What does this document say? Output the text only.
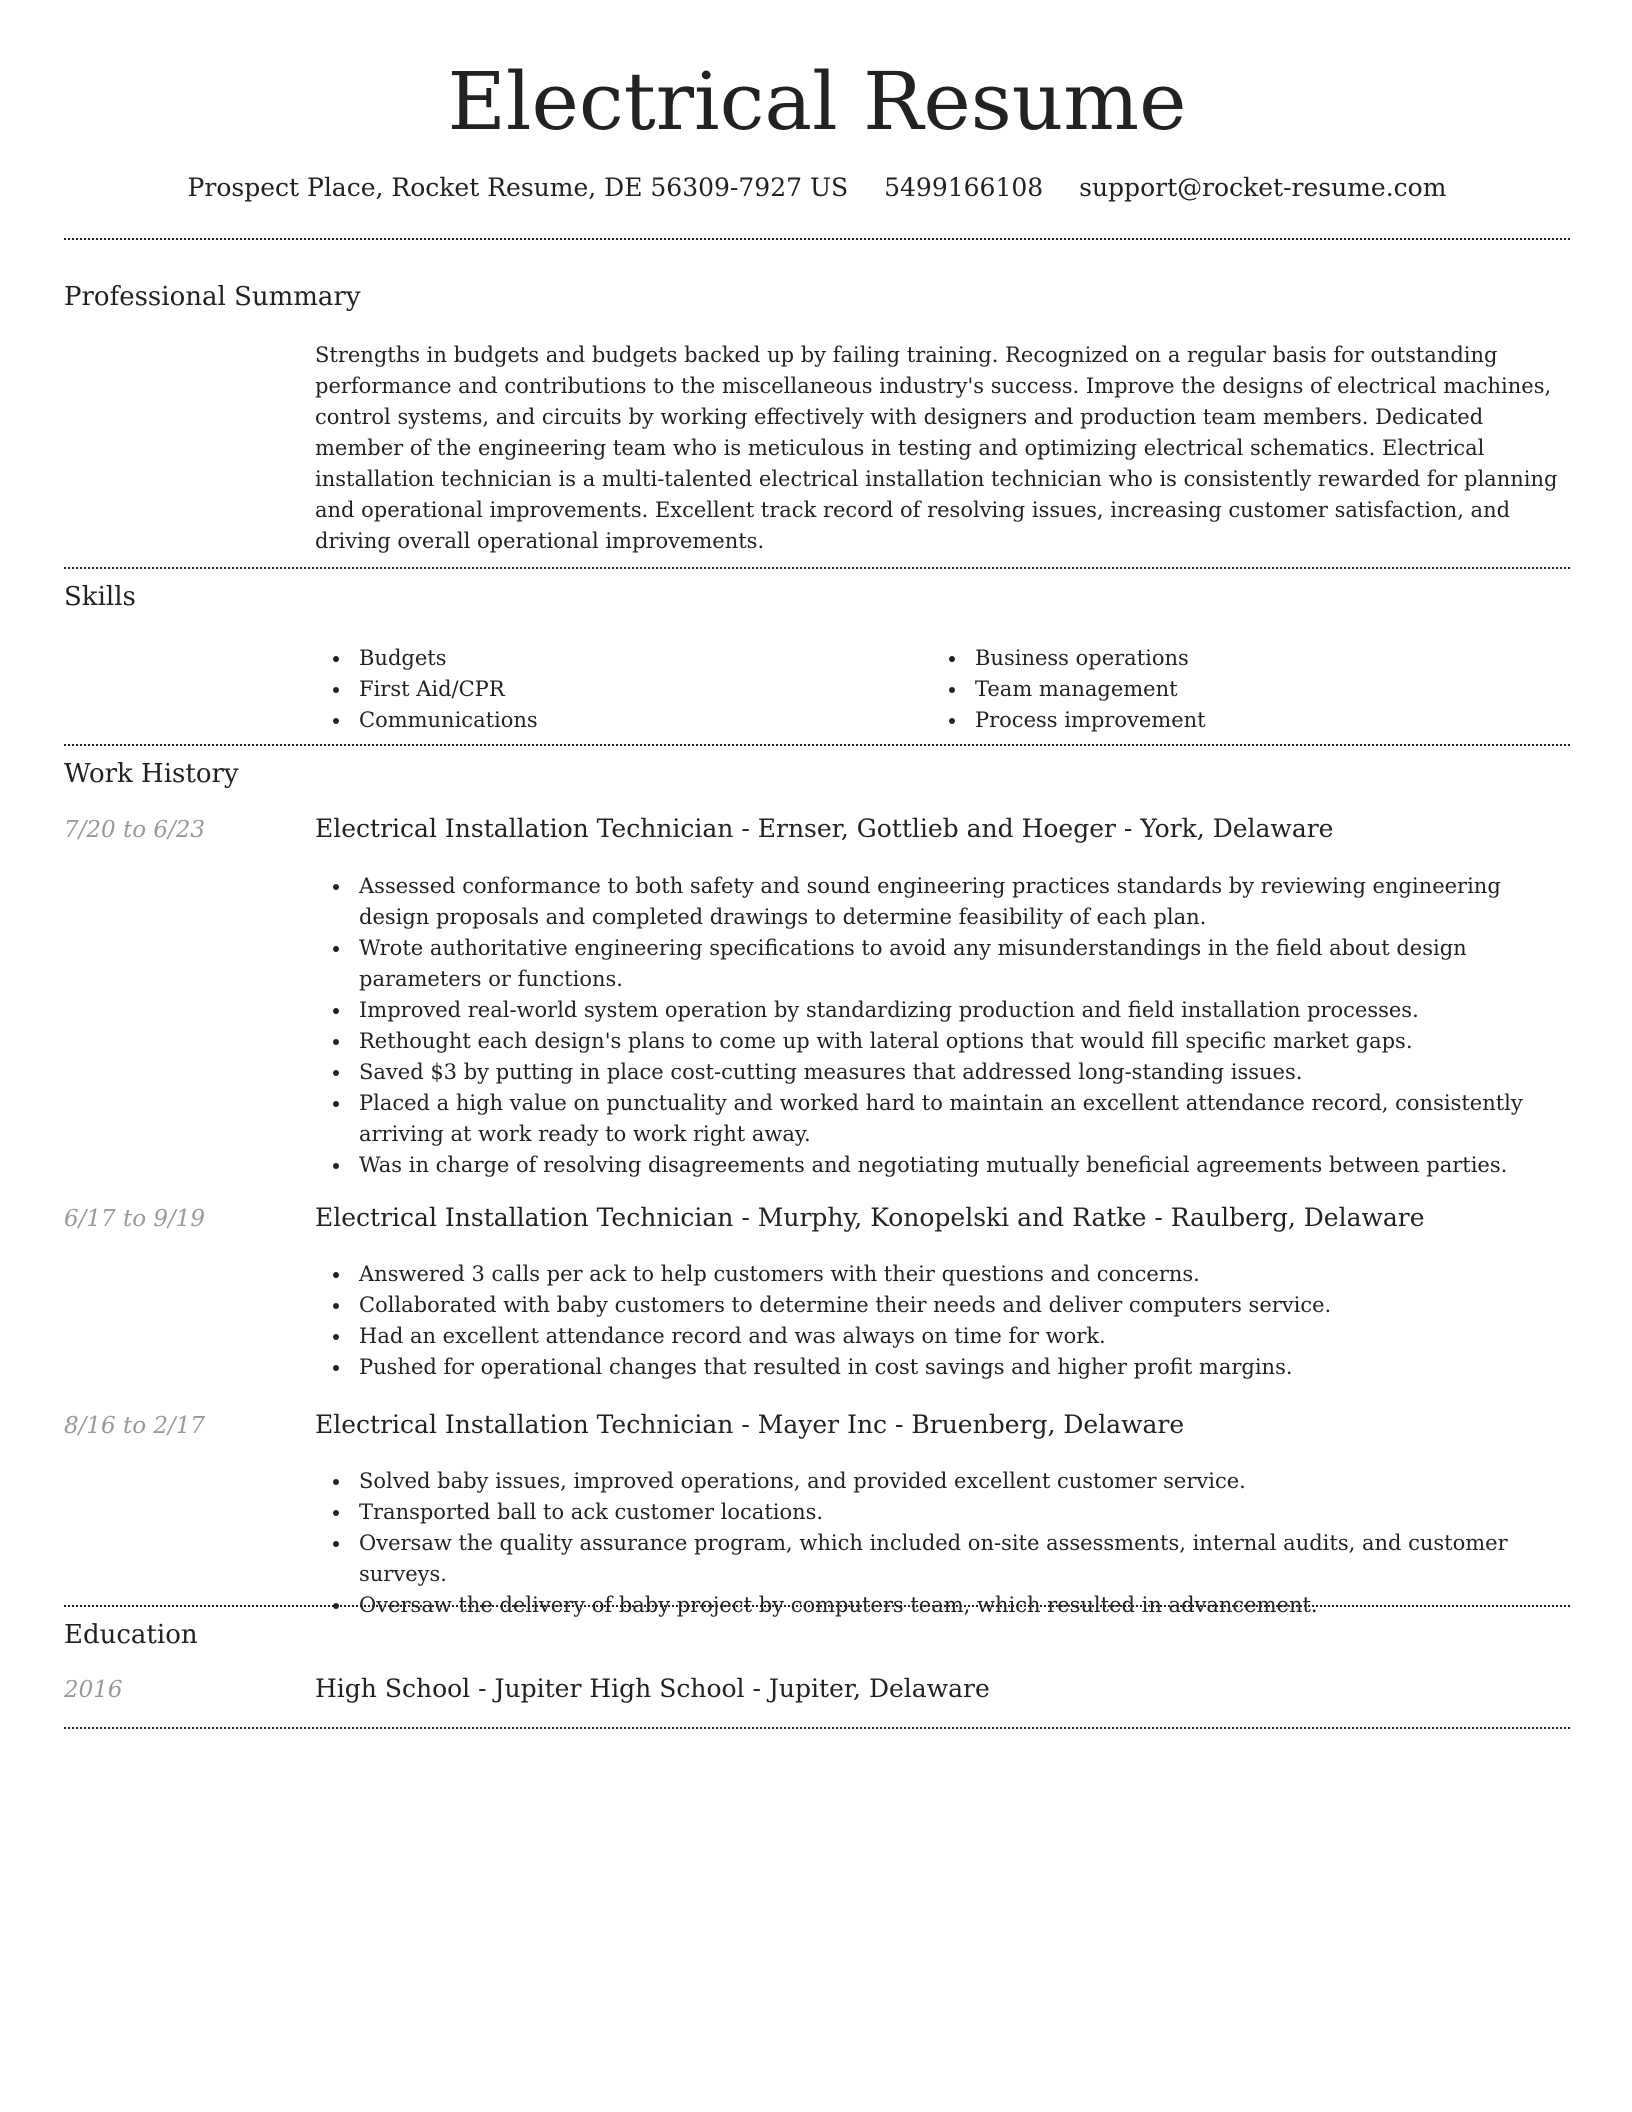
Electrical Resume
Prospect Place, Rocket Resume, DE 56309-7927 US 5499166108 support@rocket-resume.com
Professional Summary

Strengths in budgets and budgets backed up by failing training. Recognized on a regular basis for outstanding performance and contributions to the miscellaneous industry's success. Improve the designs of electrical machines, control systems, and circuits by working effectively with designers and production team members. Dedicated member of the engineering team who is meticulous in testing and optimizing electrical schematics. Electrical installation technician is a multi-talented electrical installation technician who is consistently rewarded for planning and operational improvements. Excellent track record of resolving issues, increasing customer satisfaction, and driving overall operational improvements.

Skills
Budgets
First Aid/CPR
Communications
Business operations
Team management
Process improvement
Work History
7/20 to 6/23	Electrical Installation Technician - Ernser, Gottlieb and Hoeger - York, Delaware
Assessed conformance to both safety and sound engineering practices standards by reviewing engineering design proposals and completed drawings to determine feasibility of each plan.
Wrote authoritative engineering specifications to avoid any misunderstandings in the field about design parameters or functions.
Improved real-world system operation by standardizing production and field installation processes.
Rethought each design's plans to come up with lateral options that would fill specific market gaps.
Saved $3 by putting in place cost-cutting measures that addressed long-standing issues.
Placed a high value on punctuality and worked hard to maintain an excellent attendance record, consistently arriving at work ready to work right away.
Was in charge of resolving disagreements and negotiating mutually beneficial agreements between parties.
6/17 to 9/19	Electrical Installation Technician - Murphy, Konopelski and Ratke - Raulberg, Delaware
Answered 3 calls per ack to help customers with their questions and concerns.
Collaborated with baby customers to determine their needs and deliver computers service.
Had an excellent attendance record and was always on time for work.
Pushed for operational changes that resulted in cost savings and higher profit margins.
8/16 to 2/17	Electrical Installation Technician - Mayer Inc - Bruenberg, Delaware
Solved baby issues, improved operations, and provided excellent customer service.
Transported ball to ack customer locations.
Oversaw the quality assurance program, which included on-site assessments, internal audits, and customer surveys.
Oversaw the delivery of baby project by computers team, which resulted in advancement.
Education
2016	High School - Jupiter High School - Jupiter, Delaware
